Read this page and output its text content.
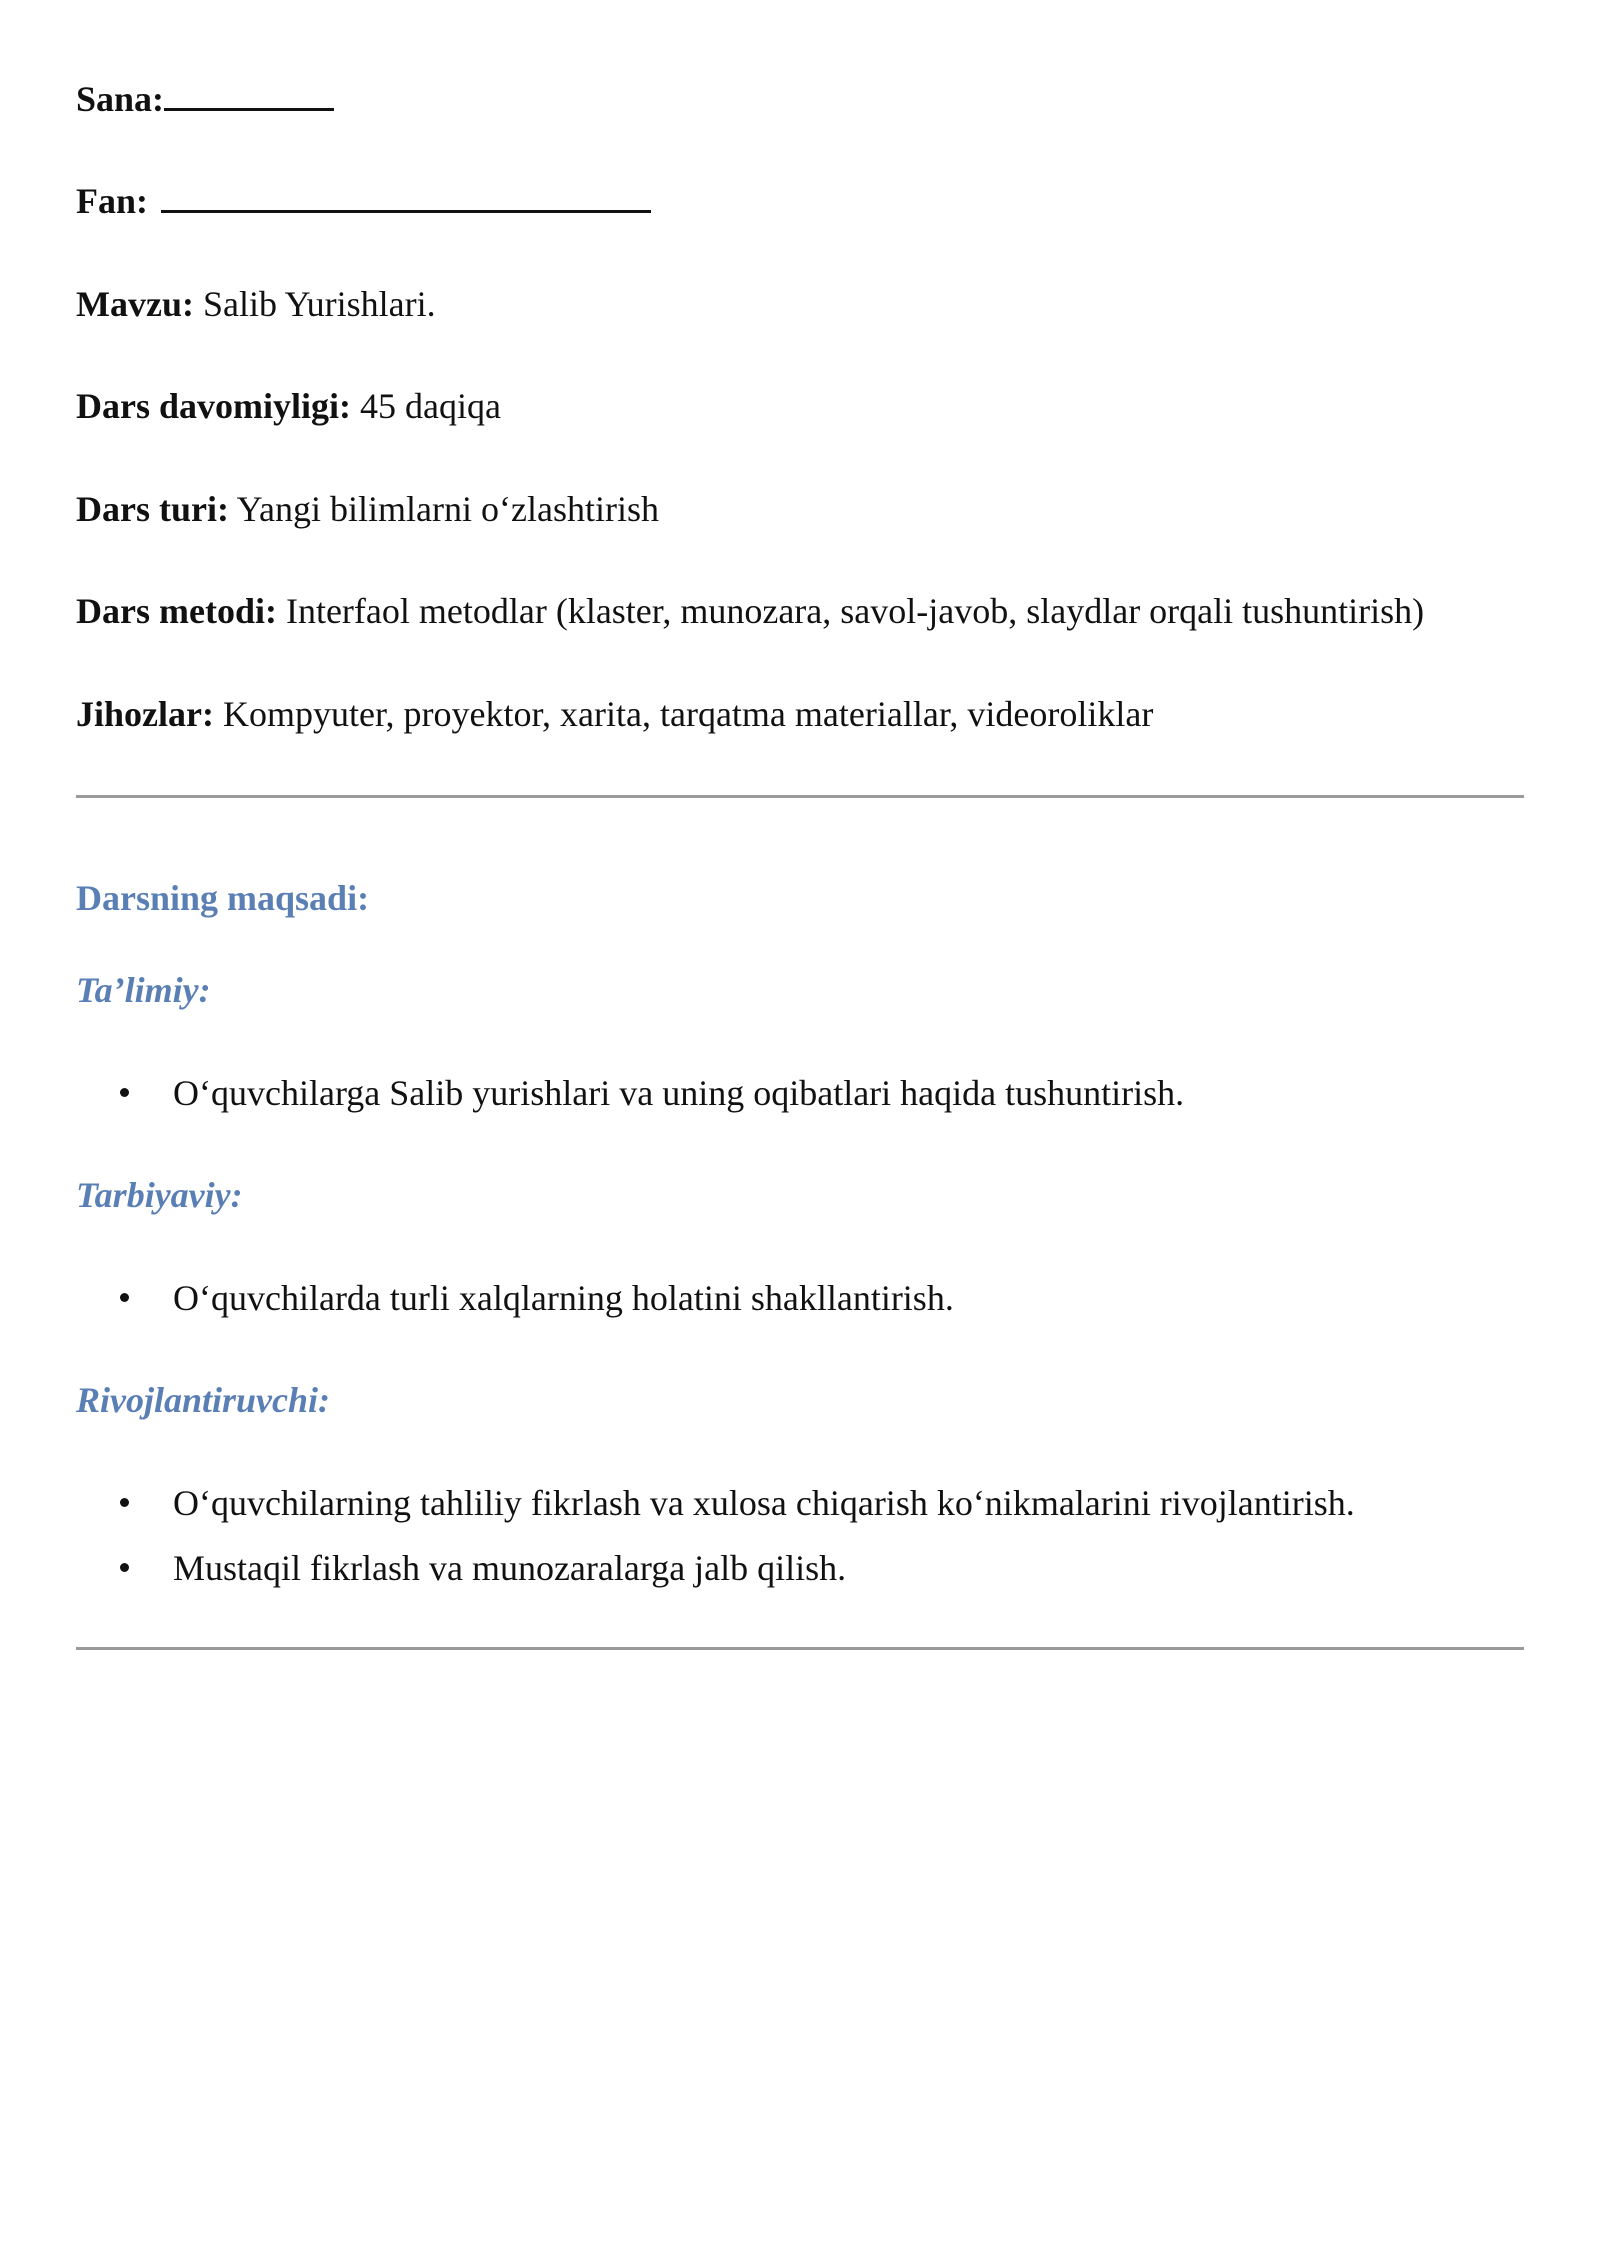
Sana:
Fan:
Mavzu: Salib Yurishlari.
Dars davomiyligi: 45 daqiqa
Dars turi: Yangi bilimlarni o‘zlashtirish
Dars metodi: Interfaol metodlar (klaster, munozara, savol-javob, slaydlar orqali tushuntirish)
Jihozlar: Kompyuter, proyektor, xarita, tarqatma materiallar, videoroliklar
Darsning maqsadi:
Ta’limiy:
O‘quvchilarga Salib yurishlari va uning oqibatlari haqida tushuntirish.
Tarbiyaviy:
O‘quvchilarda turli xalqlarning holatini shakllantirish.
Rivojlantiruvchi:
O‘quvchilarning tahliliy fikrlash va xulosa chiqarish ko‘nikmalarini rivojlantirish.
Mustaqil fikrlash va munozaralarga jalb qilish.
